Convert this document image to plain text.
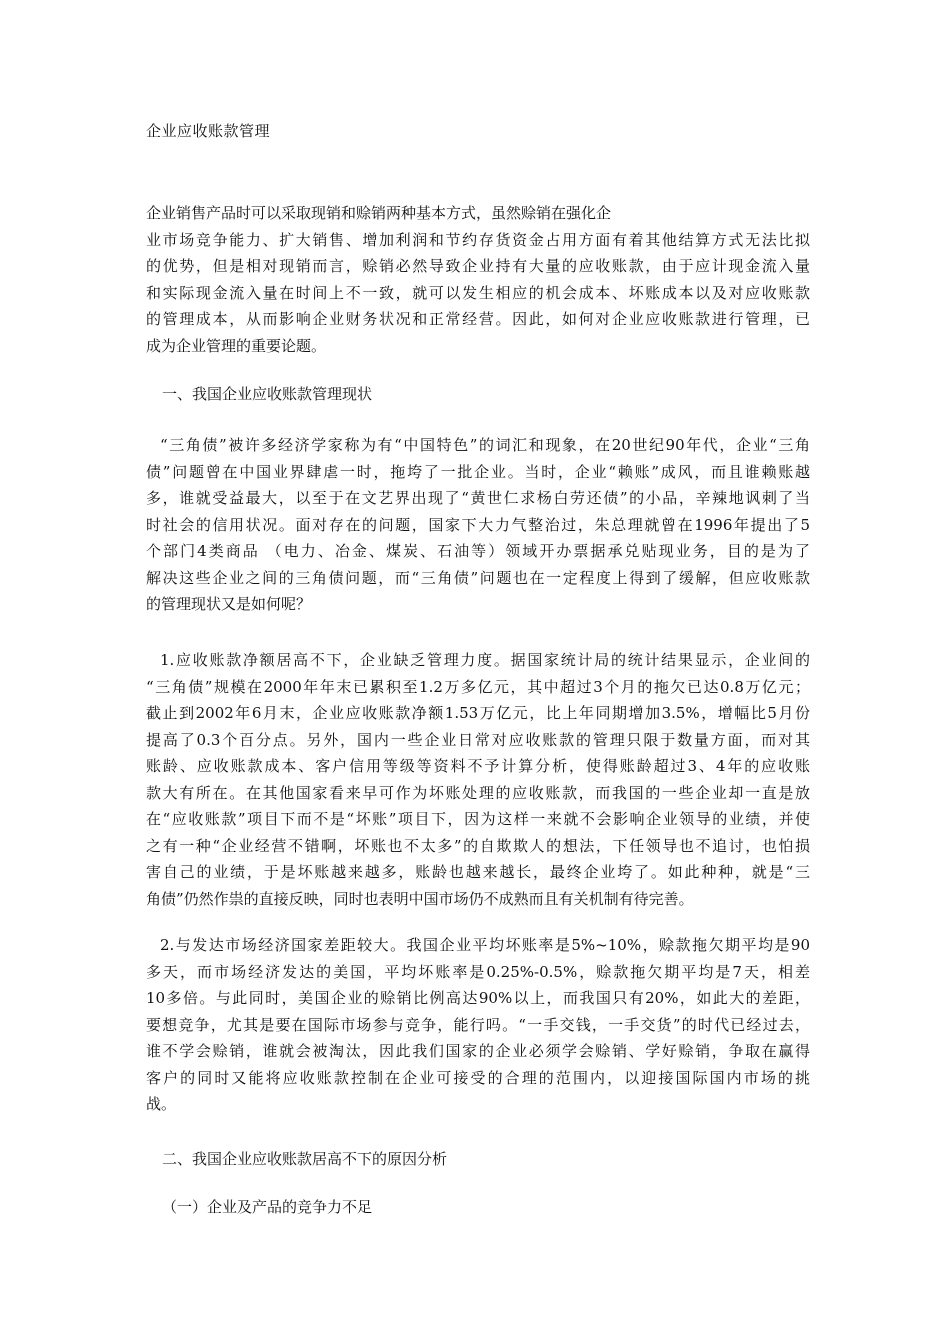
企业应收账款管理
企业销售产品时可以采取现销和赊销两种基本方式，虽然赊销在强化企
业市场竞争能力、扩大销售、增加利润和节约存货资金占用方面有着其他结算方式无法比拟
的优势，但是相对现销而言，赊销必然导致企业持有大量的应收账款，由于应计现金流入量
和实际现金流入量在时间上不一致，就可以发生相应的机会成本、坏账成本以及对应收账款
的管理成本，从而影响企业财务状况和正常经营。因此，如何对企业应收账款进行管理，已
成为企业管理的重要论题。
一、我国企业应收账款管理现状
“三角债”被许多经济学家称为有“中国特色”的词汇和现象，在20世纪90年代，企业“三角
债”问题曾在中国业界肆虐一时，拖垮了一批企业。当时，企业“赖账”成风，而且谁赖账越
多，谁就受益最大，以至于在文艺界出现了“黄世仁求杨白劳还债”的小品，辛辣地讽刺了当
时社会的信用状况。面对存在的问题，国家下大力气整治过，朱总理就曾在1996年提出了5
个部门4类商品 （电力、冶金、煤炭、石油等）领域开办票据承兑贴现业务，目的是为了
解决这些企业之间的三角债问题，而“三角债”问题也在一定程度上得到了缓解，但应收账款
的管理现状又是如何呢？
1.应收账款净额居高不下，企业缺乏管理力度。据国家统计局的统计结果显示，企业间的
“三角债”规模在2000年年末已累积至1.2万多亿元，其中超过3个月的拖欠已达0.8万亿元；
截止到2002年6月末，企业应收账款净额1.53万亿元，比上年同期增加3.5%，增幅比5月份
提高了0.3个百分点。另外，国内一些企业日常对应收账款的管理只限于数量方面，而对其
账龄、应收账款成本、客户信用等级等资料不予计算分析，使得账龄超过3、4年的应收账
款大有所在。在其他国家看来早可作为坏账处理的应收账款，而我国的一些企业却一直是放
在“应收账款”项目下而不是“坏账”项目下，因为这样一来就不会影响企业领导的业绩，并使
之有一种“企业经营不错啊，坏账也不太多”的自欺欺人的想法，下任领导也不追讨，也怕损
害自己的业绩，于是坏账越来越多，账龄也越来越长，最终企业垮了。如此种种，就是“三
角债”仍然作祟的直接反映，同时也表明中国市场仍不成熟而且有关机制有待完善。
2.与发达市场经济国家差距较大。我国企业平均坏账率是5%~10%，赊款拖欠期平均是90
多天，而市场经济发达的美国，平均坏账率是0.25%-0.5%，赊款拖欠期平均是7天，相差
10多倍。与此同时，美国企业的赊销比例高达90%以上，而我国只有20%，如此大的差距，
要想竞争，尤其是要在国际市场参与竞争，能行吗。“一手交钱，一手交货”的时代已经过去，
谁不学会赊销，谁就会被淘汰，因此我们国家的企业必须学会赊销、学好赊销，争取在赢得
客户的同时又能将应收账款控制在企业可接受的合理的范围内，以迎接国际国内市场的挑
战。
二、我国企业应收账款居高不下的原因分析
（一）企业及产品的竞争力不足
